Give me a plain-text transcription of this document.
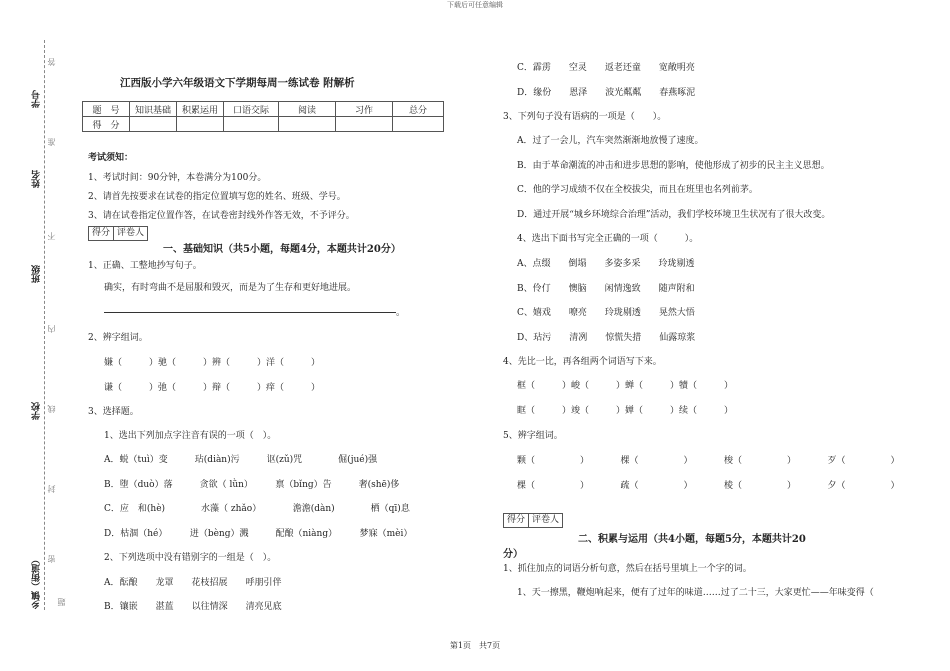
下载后可任意编辑
学号
姓名
班级
学校
乡镇（街道）
答
准
不
内
线
封
密
题
江西版小学六年级语文下学期每周一练试卷 附解析
题　号	知识基础	积累运用	口语交际	阅读	习作	总分
得　分						
考试须知：
1、考试时间：90分钟，本卷满分为100分。
2、请首先按要求在试卷的指定位置填写您的姓名、班级、学号。
3、请在试卷指定位置作答，在试卷密封线外作答无效，不予评分。
得分 评卷人
一、基础知识（共5小题，每题4分，本题共计20分）
1、正确、工整地抄写句子。
确实，有时弯曲不是屈服和毁灭，而是为了生存和更好地进展。
。
2、辨字组词。
嫌（　　　）驰（　　　）辨（　　　）洋（　　　）
谦（　　　）弛（　　　）辩（　　　）痒（　　　）
3、选择题。
1、选出下列加点字注音有误的一项（　）。
A．蜕（tuì）变　　　玷(diàn)污　　　讴(zǔ)咒　　　　倔(jué)强
B．堕（duò）落　　　贪欲（ lǜn）　　　禀（bǐng）告　　　奢(shē)侈
C．应　和(hè)　　　　水藻（ zhǎo）　　　　澹澹(dàn)　　　　栖（qī)息
D．枯涸（hé）　　　迸（bèng）溅　　　配酿（niàng）　　　梦寐（mèi）
2、下列选项中没有错别字的一组是（　）。
A．酝酿　　龙罩　　花枝招展　　呼朋引伴
B．镶嵌　　湛蓝　　以往情深　　清亮见底
C．霹雳　　空灵　　返老还童　　宽敞明亮
D．缘份　　恩泽　　波光粼粼　　春燕啄泥
3、下列句子没有语病的一项是（　　）。
A．过了一会儿，汽车突然渐渐地放慢了速度。
B．由于革命潮流的冲击和进步思想的影响，使他形成了初步的民主主义思想。
C．他的学习成绩不仅在全校拔尖，而且在班里也名列前茅。
D．通过开展“城乡环境综合治理”活动，我们学校环境卫生状况有了很大改变。
4、选出下面书写完全正确的一项（　　　）。
A、点缀　　倒塌　　多姿多采　　玲珑剔透
B、伶仃　　懊脑　　闲情逸致　　随声附和
C、嬉戏　　嘹亮　　玲珑剔透　　晃然大悟
D、玷污　　清冽　　惊慌失措　　仙露琼浆
4、先比一比，再各组两个词语写下来。
框（　　　）峻（　　　）蝉（　　　）犢（　　　）
眶（　　　）竣（　　　）婵（　　　）续（　　　）
5、辨字组词。
颗（　　　　　）　　　　棵（　　　　　）　　　　梭（　　　　　）　　　　歹（　　　　　）
棵（　　　　　）　　　　疏（　　　　　）　　　　棱（　　　　　）　　　　夕（　　　　　）
得分 评卷人
二、积累与运用（共4小题，每题5分，本题共计20
分）
1、抓住加点的词语分析句意，然后在括号里填上一个字的词。
1、天一擦黑，鞭炮响起来，便有了过年的味道……过了二十三，大家更忙——年味变得（
第1页　共7页
